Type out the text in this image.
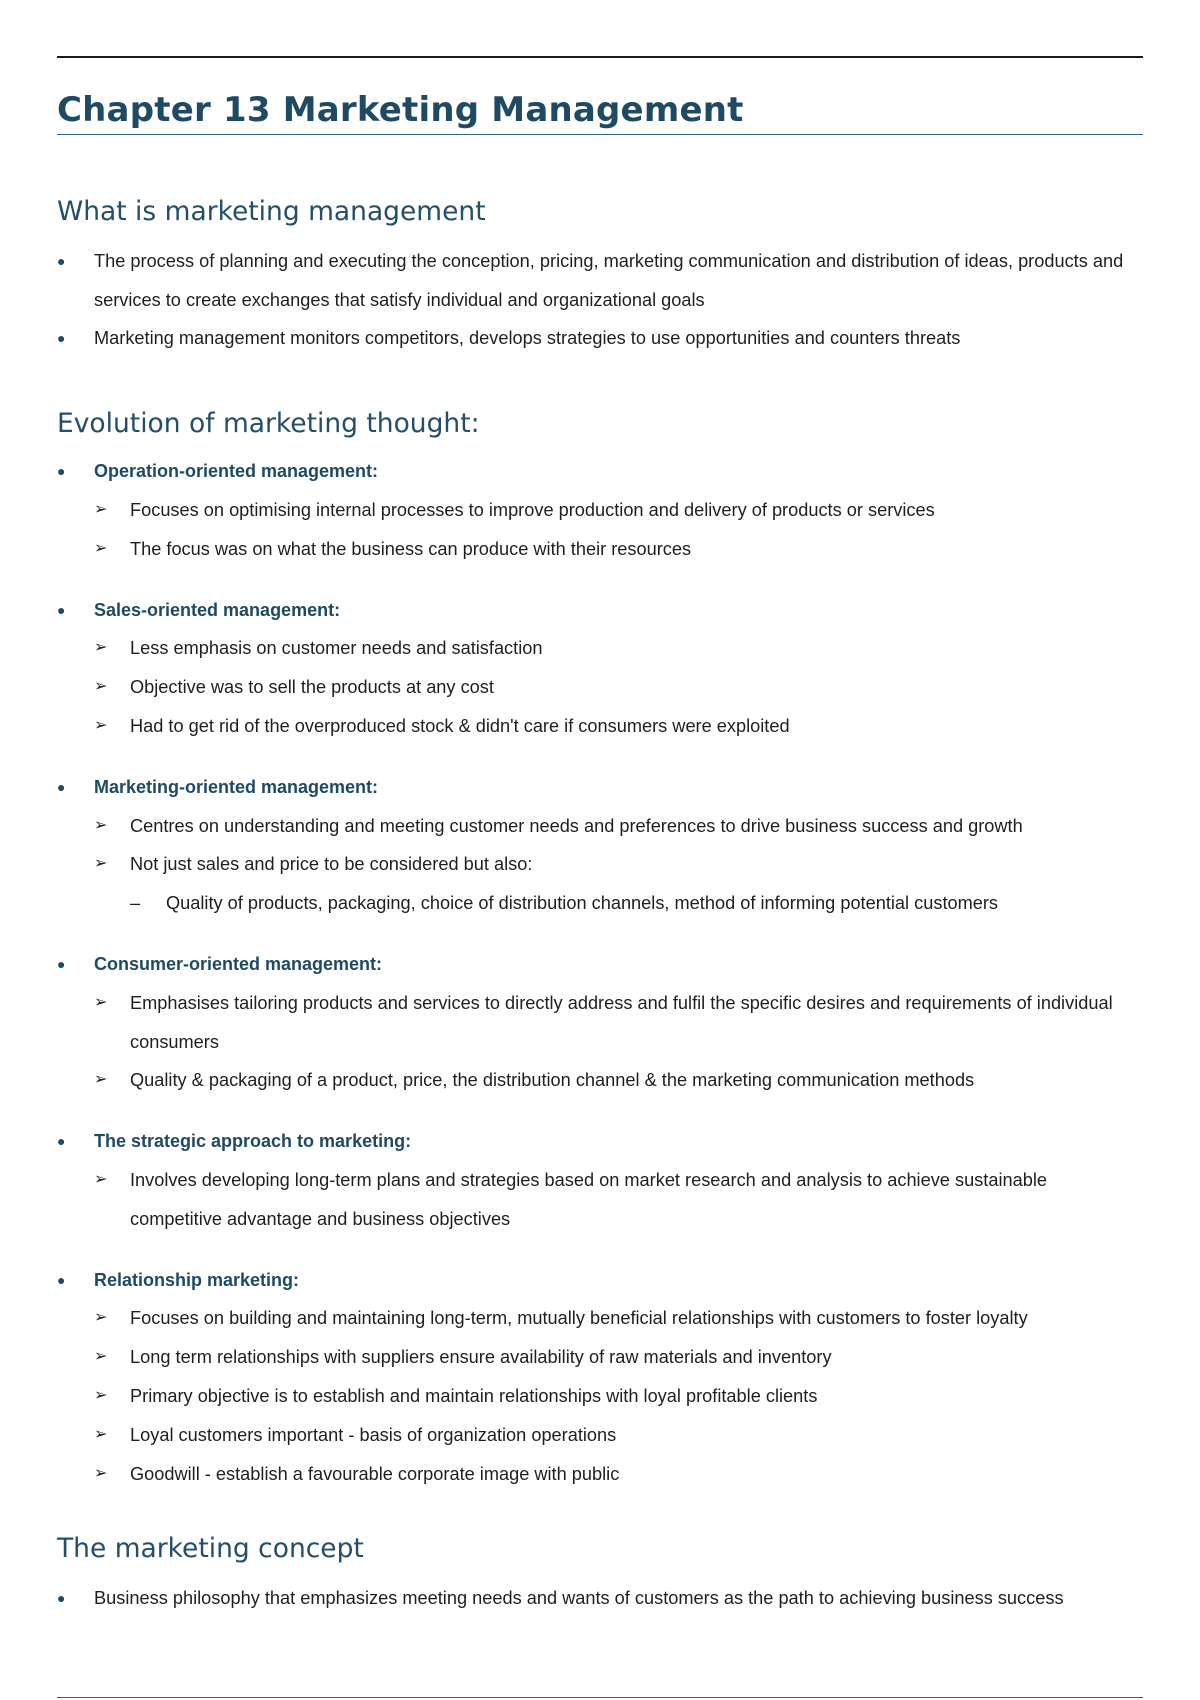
Chapter 13 Marketing Management
What is marketing management
●	The process of planning and executing the conception, pricing, marketing communication and distribution of ideas, products and services to create exchanges that satisfy individual and organizational goals
●	Marketing management monitors competitors, develops strategies to use opportunities and counters threats
Evolution of marketing thought:
●	Operation-oriented management:
➢	Focuses on optimising internal processes to improve production and delivery of products or services
➢	The focus was on what the business can produce with their resources
●	Sales-oriented management:
➢	Less emphasis on customer needs and satisfaction
➢	Objective was to sell the products at any cost
➢	Had to get rid of the overproduced stock & didn't care if consumers were exploited
●	Marketing-oriented management:
➢	Centres on understanding and meeting customer needs and preferences to drive business success and growth
➢	Not just sales and price to be considered but also:
–	Quality of products, packaging, choice of distribution channels, method of informing potential customers
●	Consumer-oriented management:
➢	Emphasises tailoring products and services to directly address and fulfil the specific desires and requirements of individual consumers
➢	Quality & packaging of a product, price, the distribution channel & the marketing communication methods
●	The strategic approach to marketing:
➢	Involves developing long-term plans and strategies based on market research and analysis to achieve sustainable competitive advantage and business objectives
●	Relationship marketing:
➢	Focuses on building and maintaining long-term, mutually beneficial relationships with customers to foster loyalty
➢	Long term relationships with suppliers ensure availability of raw materials and inventory
➢	Primary objective is to establish and maintain relationships with loyal profitable clients
➢	Loyal customers important - basis of organization operations
➢	Goodwill - establish a favourable corporate image with public
The marketing concept
●	Business philosophy that emphasizes meeting needs and wants of customers as the path to achieving business success
